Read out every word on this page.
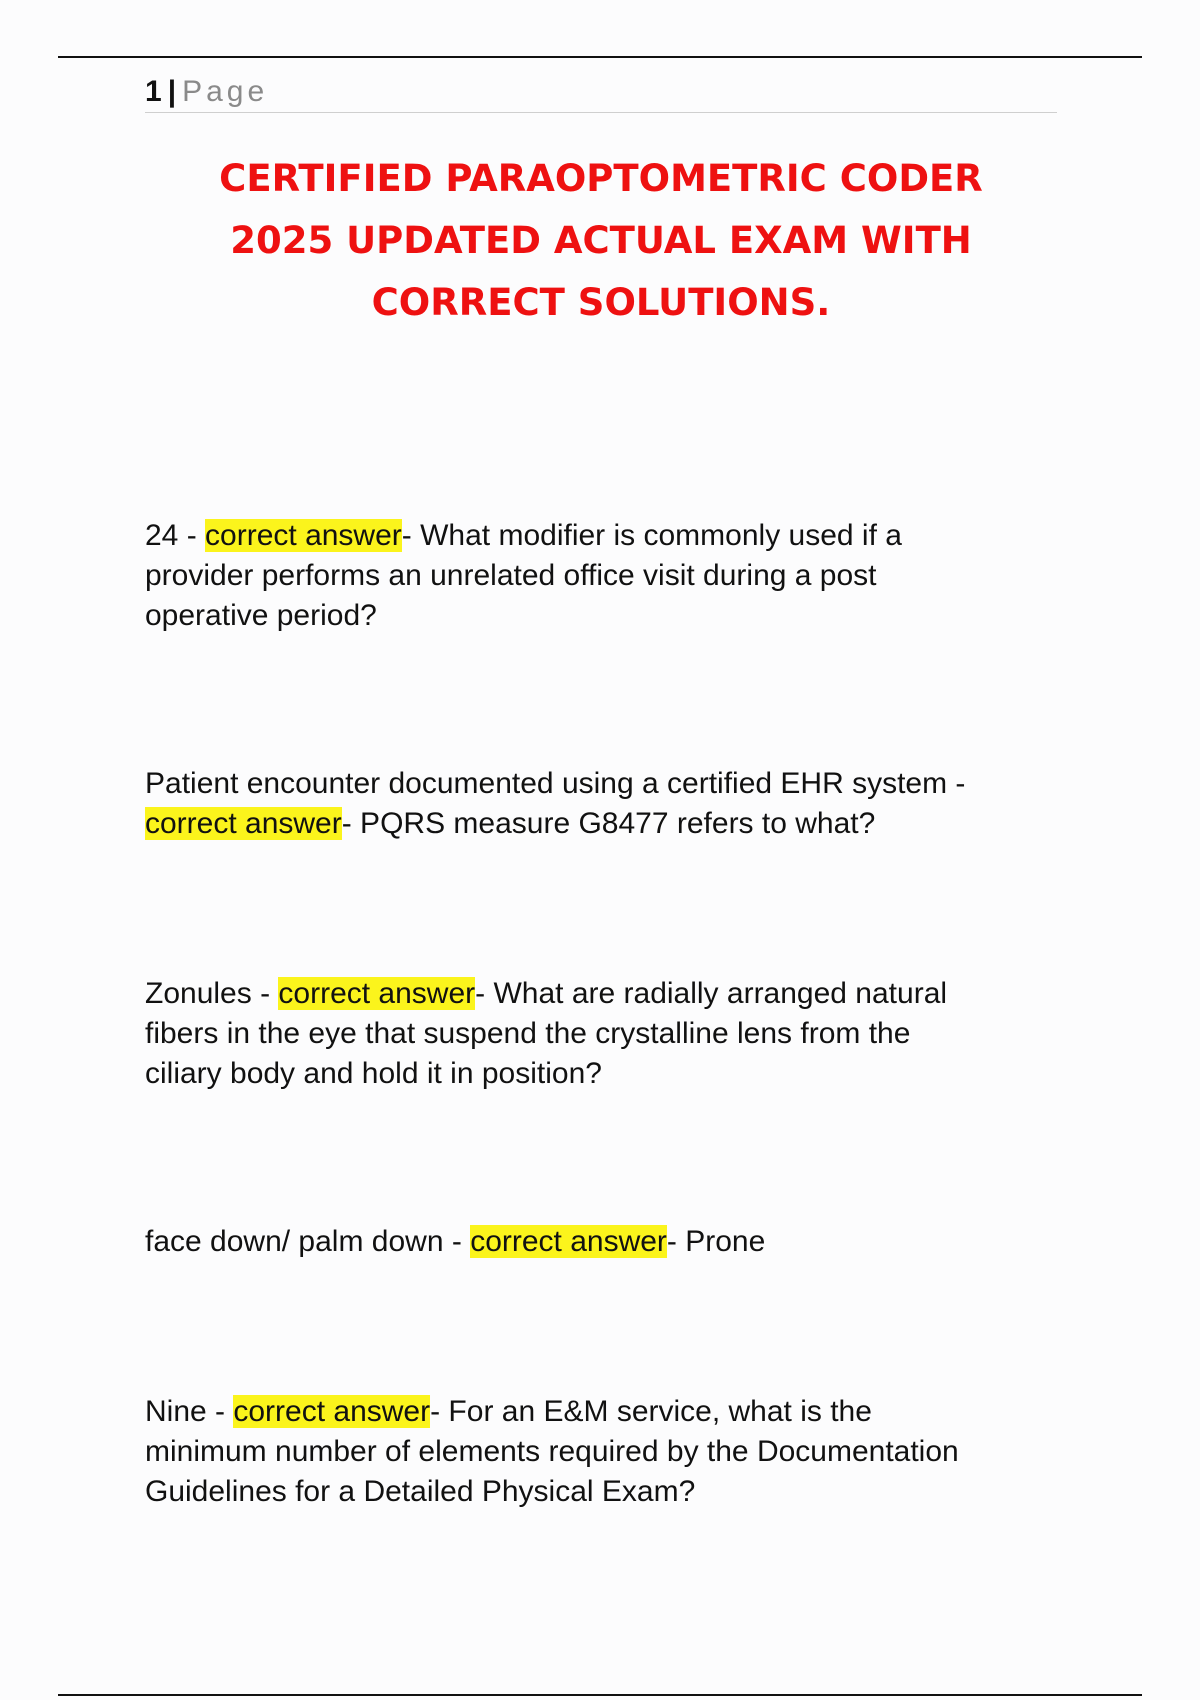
1 | Page
CERTIFIED PARAOPTOMETRIC CODER
2025 UPDATED ACTUAL EXAM WITH
CORRECT SOLUTIONS.
24 - correct answer- What modifier is commonly used if a
provider performs an unrelated office visit during a post
operative period?
Patient encounter documented using a certified EHR system -
correct answer- PQRS measure G8477 refers to what?
Zonules - correct answer- What are radially arranged natural
fibers in the eye that suspend the crystalline lens from the
ciliary body and hold it in position?
face down/ palm down - correct answer- Prone
Nine - correct answer- For an E&M service, what is the
minimum number of elements required by the Documentation
Guidelines for a Detailed Physical Exam?
